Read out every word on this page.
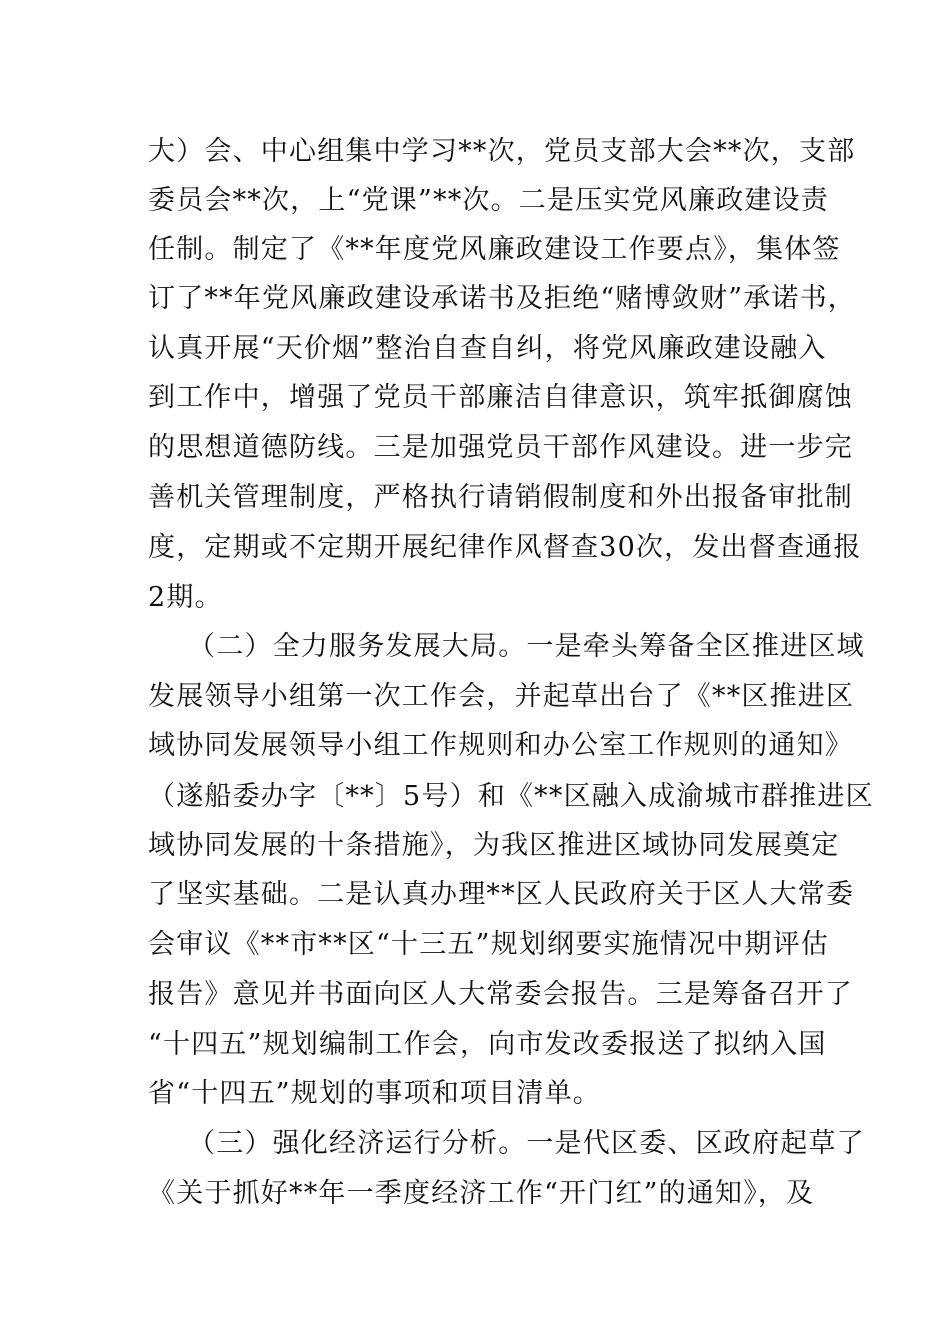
大）会、中心组集中学习**次，党员支部大会**次，支部
委员会**次，上“党课”**次。二是压实党风廉政建设责
任制。制定了《**年度党风廉政建设工作要点》，集体签
订了**年党风廉政建设承诺书及拒绝“赌博敛财”承诺书，
认真开展“天价烟”整治自查自纠，将党风廉政建设融入
到工作中，增强了党员干部廉洁自律意识，筑牢抵御腐蚀
的思想道德防线。三是加强党员干部作风建设。进一步完
善机关管理制度，严格执行请销假制度和外出报备审批制
度，定期或不定期开展纪律作风督查30次，发出督查通报
2期。
（二）全力服务发展大局。一是牵头筹备全区推进区域
发展领导小组第一次工作会，并起草出台了《**区推进区
域协同发展领导小组工作规则和办公室工作规则的通知》
（遂船委办字〔**〕5号）和《**区融入成渝城市群推进区
域协同发展的十条措施》，为我区推进区域协同发展奠定
了坚实基础。二是认真办理**区人民政府关于区人大常委
会审议《**市**区“十三五”规划纲要实施情况中期评估
报告》意见并书面向区人大常委会报告。三是筹备召开了
“十四五”规划编制工作会，向市发改委报送了拟纳入国
省“十四五”规划的事项和项目清单。
（三）强化经济运行分析。一是代区委、区政府起草了
《关于抓好**年一季度经济工作“开门红”的通知》，及
